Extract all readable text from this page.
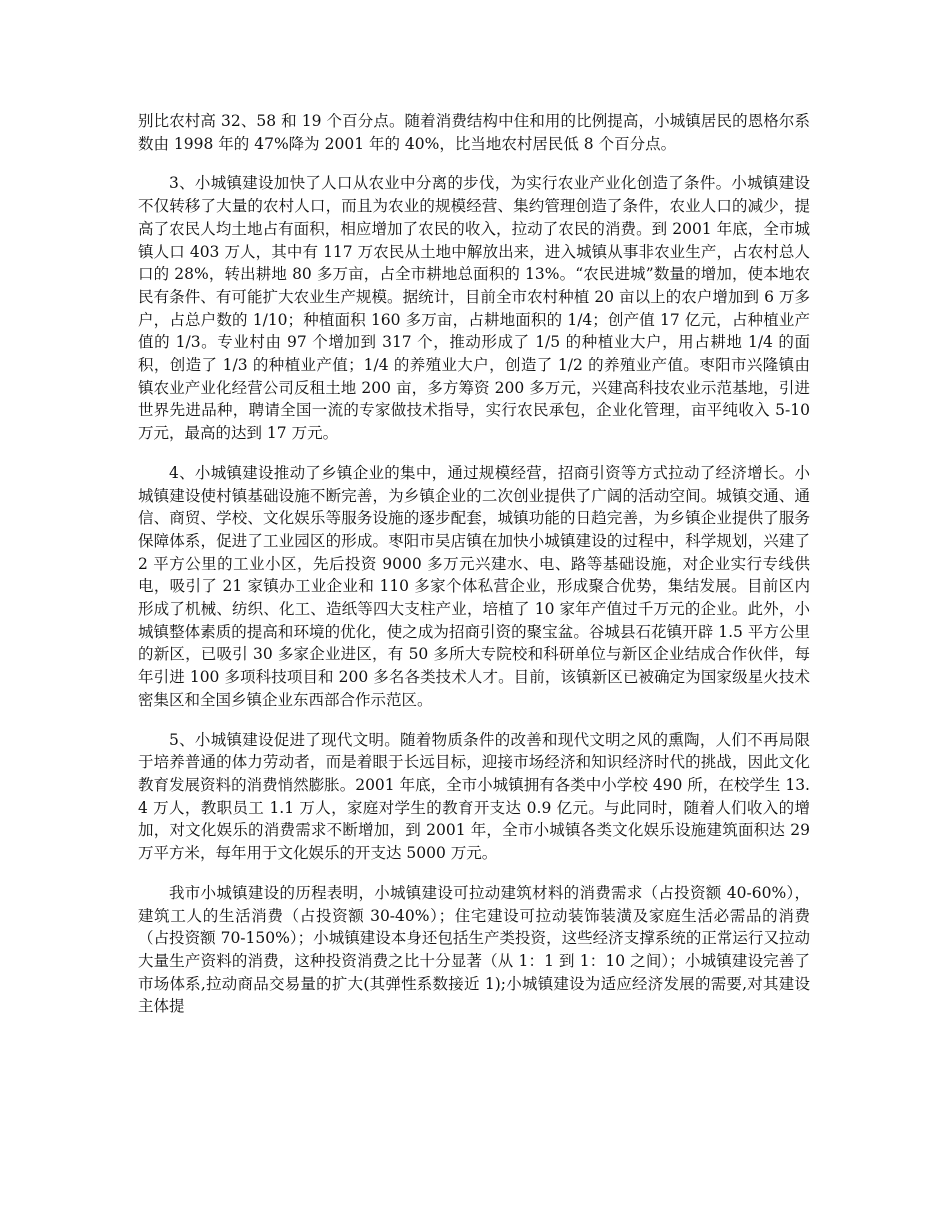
别比农村高 32、58 和 19 个百分点。随着消费结构中住和用的比例提高，小城镇居民的恩格尔系数由 1998 年的 47%降为 2001 年的 40%，比当地农村居民低 8 个百分点。

3、小城镇建设加快了人口从农业中分离的步伐，为实行农业产业化创造了条件。小城镇建设不仅转移了大量的农村人口，而且为农业的规模经营、集约管理创造了条件，农业人口的减少，提高了农民人均土地占有面积，相应增加了农民的收入，拉动了农民的消费。到 2001 年底，全市城镇人口 403 万人，其中有 117 万农民从土地中解放出来，进入城镇从事非农业生产，占农村总人口的 28%，转出耕地 80 多万亩，占全市耕地总面积的 13%。“农民进城”数量的增加，使本地农民有条件、有可能扩大农业生产规模。据统计，目前全市农村种植 20 亩以上的农户增加到 6 万多户，占总户数的 1/10；种植面积 160 多万亩，占耕地面积的 1/4；创产值 17 亿元，占种植业产值的 1/3。专业村由 97 个增加到 317 个，推动形成了 1/5 的种植业大户，用占耕地 1/4 的面积，创造了 1/3 的种植业产值；1/4 的养殖业大户，创造了 1/2 的养殖业产值。枣阳市兴隆镇由镇农业产业化经营公司反租土地 200 亩，多方筹资 200 多万元，兴建高科技农业示范基地，引进世界先进品种，聘请全国一流的专家做技术指导，实行农民承包，企业化管理，亩平纯收入 5-10 万元，最高的达到 17 万元。

4、小城镇建设推动了乡镇企业的集中，通过规模经营，招商引资等方式拉动了经济增长。小城镇建设使村镇基础设施不断完善，为乡镇企业的二次创业提供了广阔的活动空间。城镇交通、通信、商贸、学校、文化娱乐等服务设施的逐步配套，城镇功能的日趋完善，为乡镇企业提供了服务保障体系，促进了工业园区的形成。枣阳市吴店镇在加快小城镇建设的过程中，科学规划，兴建了 2 平方公里的工业小区，先后投资 9000 多万元兴建水、电、路等基础设施，对企业实行专线供电，吸引了 21 家镇办工业企业和 110 多家个体私营企业，形成聚合优势，集结发展。目前区内形成了机械、纺织、化工、造纸等四大支柱产业，培植了 10 家年产值过千万元的企业。此外，小城镇整体素质的提高和环境的优化，使之成为招商引资的聚宝盆。谷城县石花镇开辟 1.5 平方公里的新区，已吸引 30 多家企业进区，有 50 多所大专院校和科研单位与新区企业结成合作伙伴，每年引进 100 多项科技项目和 200 多名各类技术人才。目前，该镇新区已被确定为国家级星火技术密集区和全国乡镇企业东西部合作示范区。

5、小城镇建设促进了现代文明。随着物质条件的改善和现代文明之风的熏陶，人们不再局限于培养普通的体力劳动者，而是着眼于长远目标，迎接市场经济和知识经济时代的挑战，因此文化教育发展资料的消费悄然膨胀。2001 年底，全市小城镇拥有各类中小学校 490 所，在校学生 13.4 万人，教职员工 1.1 万人，家庭对学生的教育开支达 0.9 亿元。与此同时，随着人们收入的增加，对文化娱乐的消费需求不断增加，到 2001 年，全市小城镇各类文化娱乐设施建筑面积达 29 万平方米，每年用于文化娱乐的开支达 5000 万元。

我市小城镇建设的历程表明，小城镇建设可拉动建筑材料的消费需求（占投资额 40-60%），建筑工人的生活消费（占投资额 30-40%）；住宅建设可拉动装饰装潢及家庭生活必需品的消费（占投资额 70-150%）；小城镇建设本身还包括生产类投资，这些经济支撑系统的正常运行又拉动大量生产资料的消费，这种投资消费之比十分显著（从 1：1 到 1：10 之间）；小城镇建设完善了市场体系,拉动商品交易量的扩大(其弹性系数接近 1);小城镇建设为适应经济发展的需要,对其建设主体提
